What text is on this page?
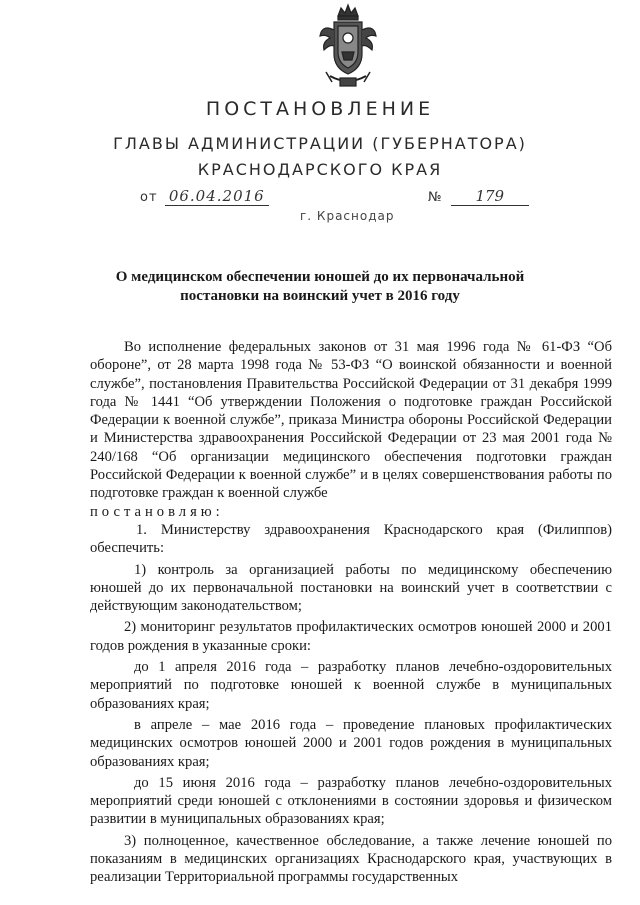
ПОСТАНОВЛЕНИЕ
ГЛАВЫ АДМИНИСТРАЦИИ (ГУБЕРНАТОРА)
КРАСНОДАРСКОГО КРАЯ
от 06.04.2016	№ 179
г. Краснодар
О медицинском обеспечении юношей до их первоначальной
постановки на воинский учет в 2016 году

Во исполнение федеральных законов от 31 мая 1996 года № 61-ФЗ “Об обороне”, от 28 марта 1998 года № 53-ФЗ “О воинской обязанности и военной службе”, постановления Правительства Российской Федерации от 31 декабря 1999 года № 1441 “Об утверждении Положения о подготовке граждан Российской Федерации к военной службе”, приказа Министра обороны Российской Федерации и Министерства здравоохранения Российской Федерации от 23 мая 2001 года № 240/168 “Об организации медицинского обеспечения подготовки граждан Российской Федерации к военной службе” и в целях совершенствования работы по подготовке граждан к военной службе

постановляю:

1. Министерству здравоохранения Краснодарского края (Филиппов) обеспечить:

1) контроль за организацией работы по медицинскому обеспечению юношей до их первоначальной постановки на воинский учет в соответствии с действующим законодательством;

2) мониторинг результатов профилактических осмотров юношей 2000 и 2001 годов рождения в указанные сроки:

до 1 апреля 2016 года – разработку планов лечебно-оздоровительных мероприятий по подготовке юношей к военной службе в муниципальных образованиях края;

в апреле – мае 2016 года – проведение плановых профилактических медицинских осмотров юношей 2000 и 2001 годов рождения в муниципальных образованиях края;

до 15 июня 2016 года – разработку планов лечебно-оздоровительных мероприятий среди юношей с отклонениями в состоянии здоровья и физическом развитии в муниципальных образованиях края;

3) полноценное, качественное обследование, а также лечение юношей по показаниям в медицинских организациях Краснодарского края, участвующих в реализации Территориальной программы государственных
